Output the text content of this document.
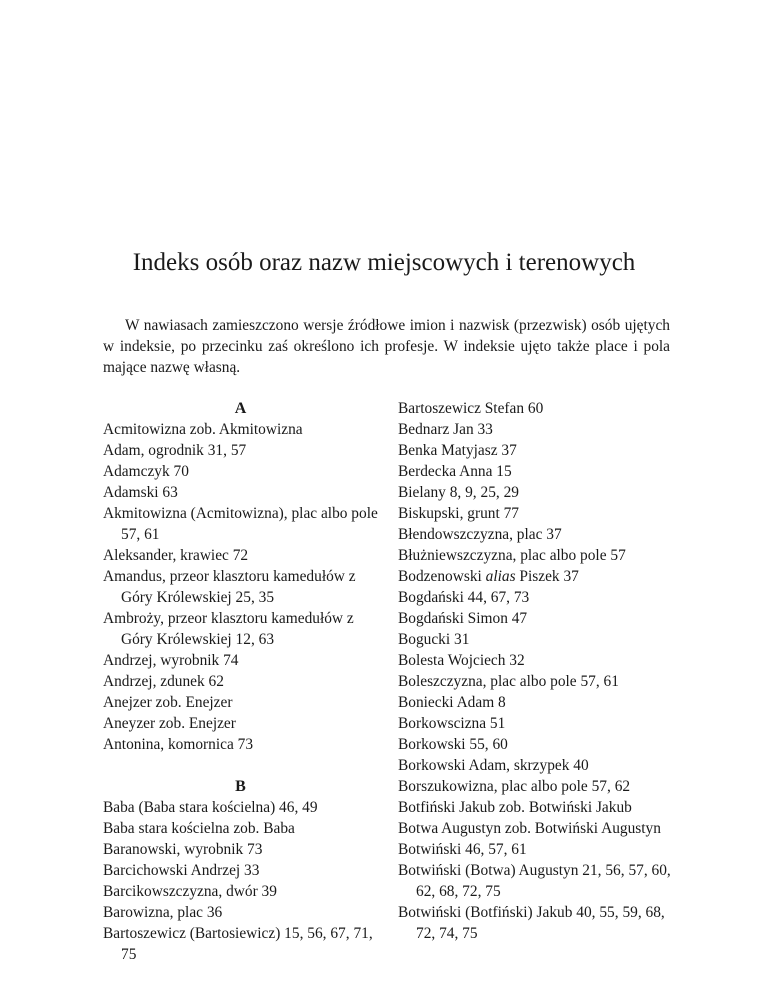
Indeks osób oraz nazw miejscowych i terenowych

W nawiasach zamieszczono wersje źródłowe imion i nazwisk (przezwisk) osób ujętych w indeksie, po przecinku zaś określono ich profesje. W indeksie ujęto także place i pola mające nazwę własną.

A
Acmitowizna zob. Akmitowizna
Adam, ogrodnik 31, 57
Adamczyk 70
Adamski 63
Akmitowizna (Acmitowizna), plac albo pole 57, 61
Aleksander, krawiec 72
Amandus, przeor klasztoru kamedułów z Góry Królewskiej 25, 35
Ambroży, przeor klasztoru kamedułów z Góry Królewskiej 12, 63
Andrzej, wyrobnik 74
Andrzej, zdunek 62
Anejzer zob. Enejzer
Aneyzer zob. Enejzer
Antonina, komornica 73
B
Baba (Baba stara kościelna) 46, 49
Baba stara kościelna zob. Baba
Baranowski, wyrobnik 73
Barcichowski Andrzej 33
Barcikowszczyzna, dwór 39
Barowizna, plac 36
Bartoszewicz (Bartosiewicz) 15, 56, 67, 71, 75
Bartoszewicz Stefan 60
Bednarz Jan 33
Benka Matyjasz 37
Berdecka Anna 15
Bielany 8, 9, 25, 29
Biskupski, grunt 77
Błendowszczyzna, plac 37
Błużniewszczyzna, plac albo pole 57
Bodzenowski alias Piszek 37
Bogdański 44, 67, 73
Bogdański Simon 47
Bogucki 31
Bolesta Wojciech 32
Boleszczyzna, plac albo pole 57, 61
Boniecki Adam 8
Borkowscizna 51
Borkowski 55, 60
Borkowski Adam, skrzypek 40
Borszukowizna, plac albo pole 57, 62
Botfiński Jakub zob. Botwiński Jakub
Botwa Augustyn zob. Botwiński Augustyn
Botwiński 46, 57, 61
Botwiński (Botwa) Augustyn 21, 56, 57, 60, 62, 68, 72, 75
Botwiński (Botfiński) Jakub 40, 55, 59, 68, 72, 74, 75
